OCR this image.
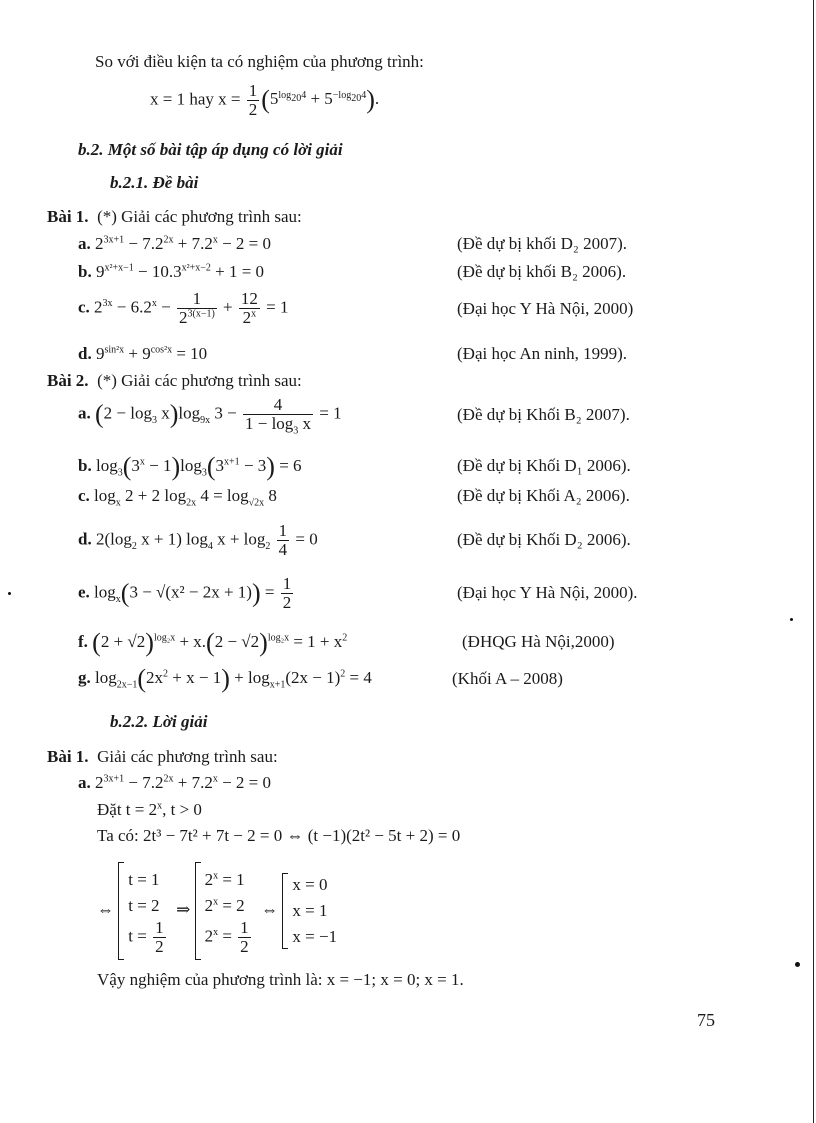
So với điều kiện ta có nghiệm của phương trình:
x = 1 hay $x = \frac{1}{2} (5^{log_{20}4} + 5^{-log_{20}4})$.
b.2. Một số bài tập áp dụng có lời giải
b.2.1. Đề bài
Bài 1. (*) Giải các phương trình sau:
a. $2^{3x+1} - 7.2^{2x} + 7.2^x - 2 = 0$	(Đề dự bị khối D₂ 2007).
b. $9^{x^2+x-1} - 10.3^{x^2+x-2} + 1 = 0$	(Đề dự bị khối B₂ 2006).
c. $2^{3x} - 6.2^x - \frac{1}{2^{3(x-1)}} + \frac{12}{2^x} = 1$	(Đại học Y Hà Nội, 2000)
d. $9^{sin^2x} + 9^{cos^2x} = 10$	(Đại học An ninh, 1999).
Bài 2. (*) Giải các phương trình sau:
a. $(2 - \log_3 x)\log_{9x}$ $3 - \frac{4}{1 - \log_3 x} = 1$	(Đề dự bị Khối B₂ 2007).
b. $\log_3(3^x - 1)\log_3(3^{x+1} - 3) = 6$	(Đề dự bị Khối D₁ 2006).
c. $\log_x 2 + 2$ $\log_{2x} 4 = \log_{√2x} 8$	(Đề dự bị Khối A₂ 2006).
d. $2(\log_2$ x + 1) $\log_4 x + \log_2 \frac{1}{4} = 0$	(Đề dự bị Khối D₂ 2006).
e. $\log_x(3 - √(x^2 - 2x + 1)) = \frac{1}{2}$	(Đại học Y Hà Nội, 2000).
f. $(2 + √2)^{log_2x} + x.(2 - √2)^{log_2x} = 1 + x^2$	(ĐHQG Hà Nội,2000)
g. $\log_{2x-1}(2x^2 + x - 1) + \log_{x+1}(2x - 1)^2 = 4$	(Khối A – 2008)
b.2.2. Lời giải
Bài 1. Giải các phương trình sau:
a. $2^{3x+1} - 7.2^{2x} + 7.2^x - 2 = 0$
Đặt $t = 2^x$, t > 0
Ta có: 2t³ − 7t² + 7t − 2 = 0 ⇔ (t −1)(2t² − 5t + 2) = 0
⇔
t = 1
t = 2
$t = \frac{1}{2}$
⇒
$2^x = 1$
$2^x = 2$
$2^x = \frac{1}{2}$
⇔
x = 0
x = 1
x = −1
Vậy nghiệm của phương trình là: x = −1; x = 0; x = 1.
75
